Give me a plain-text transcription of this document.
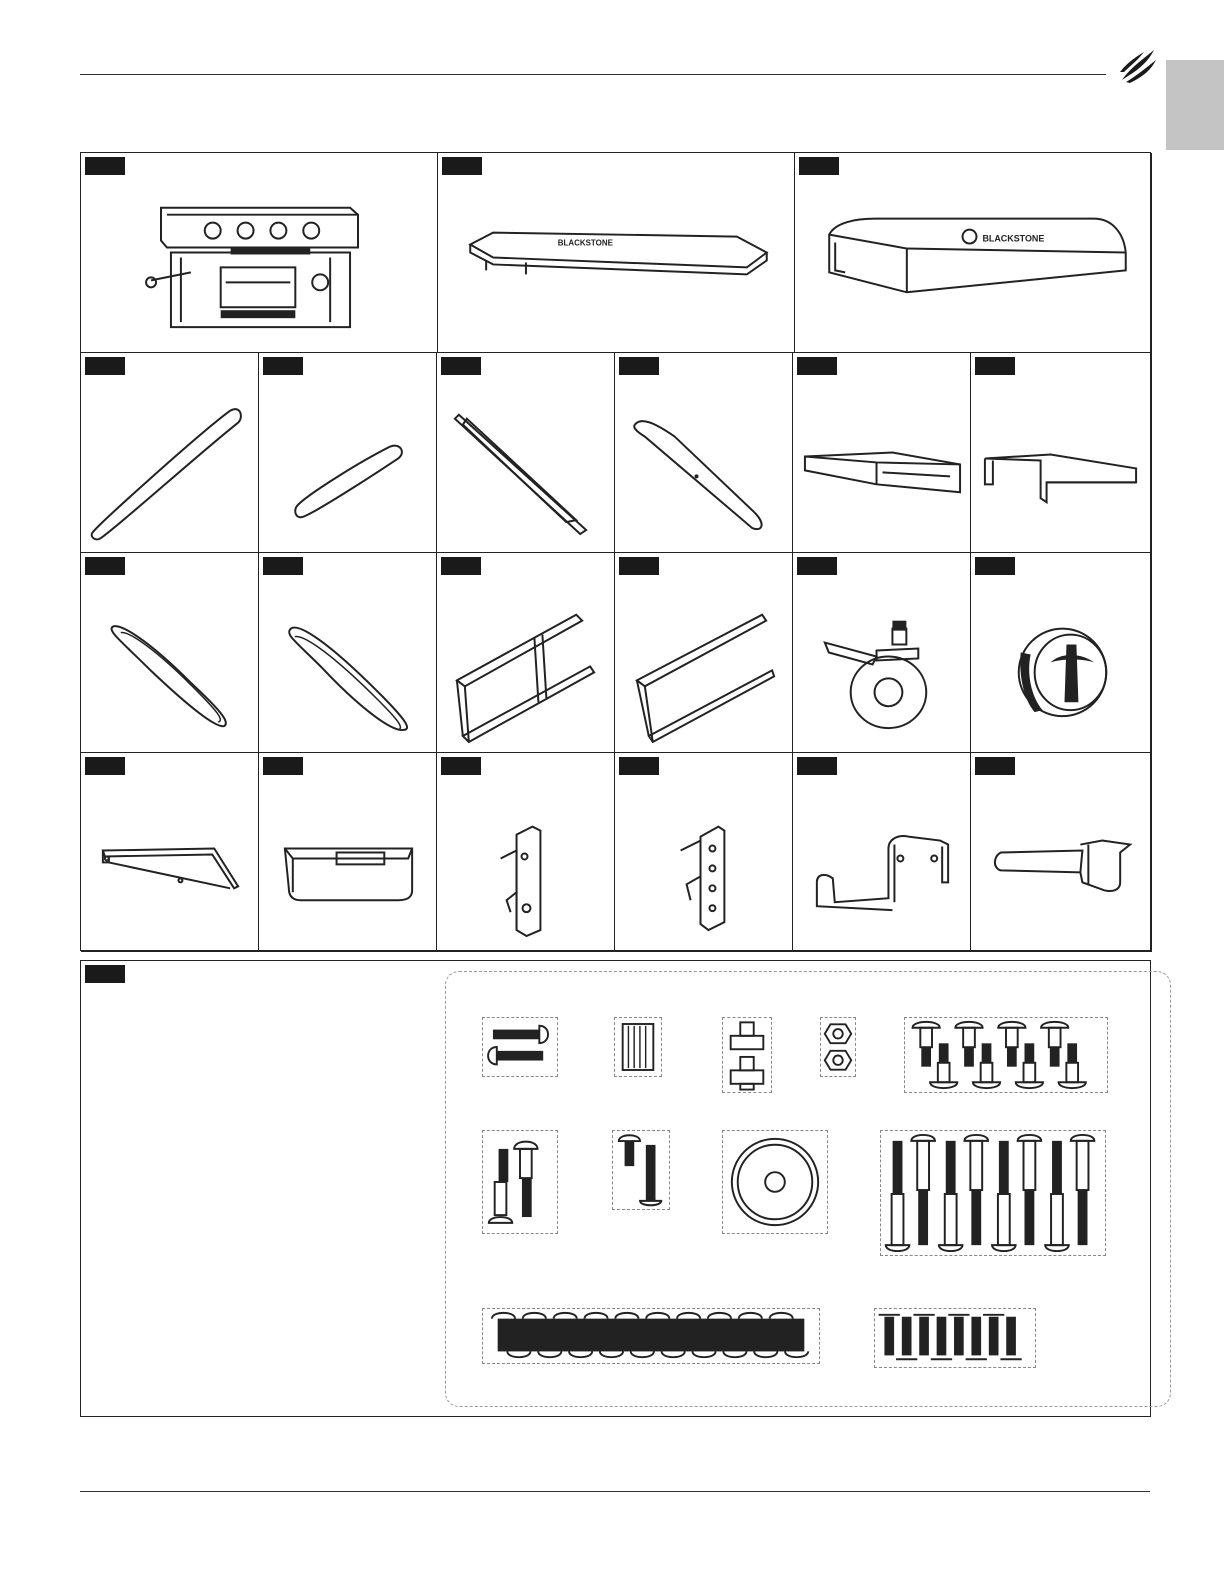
BLACKSTONE	BLACKSTONE
